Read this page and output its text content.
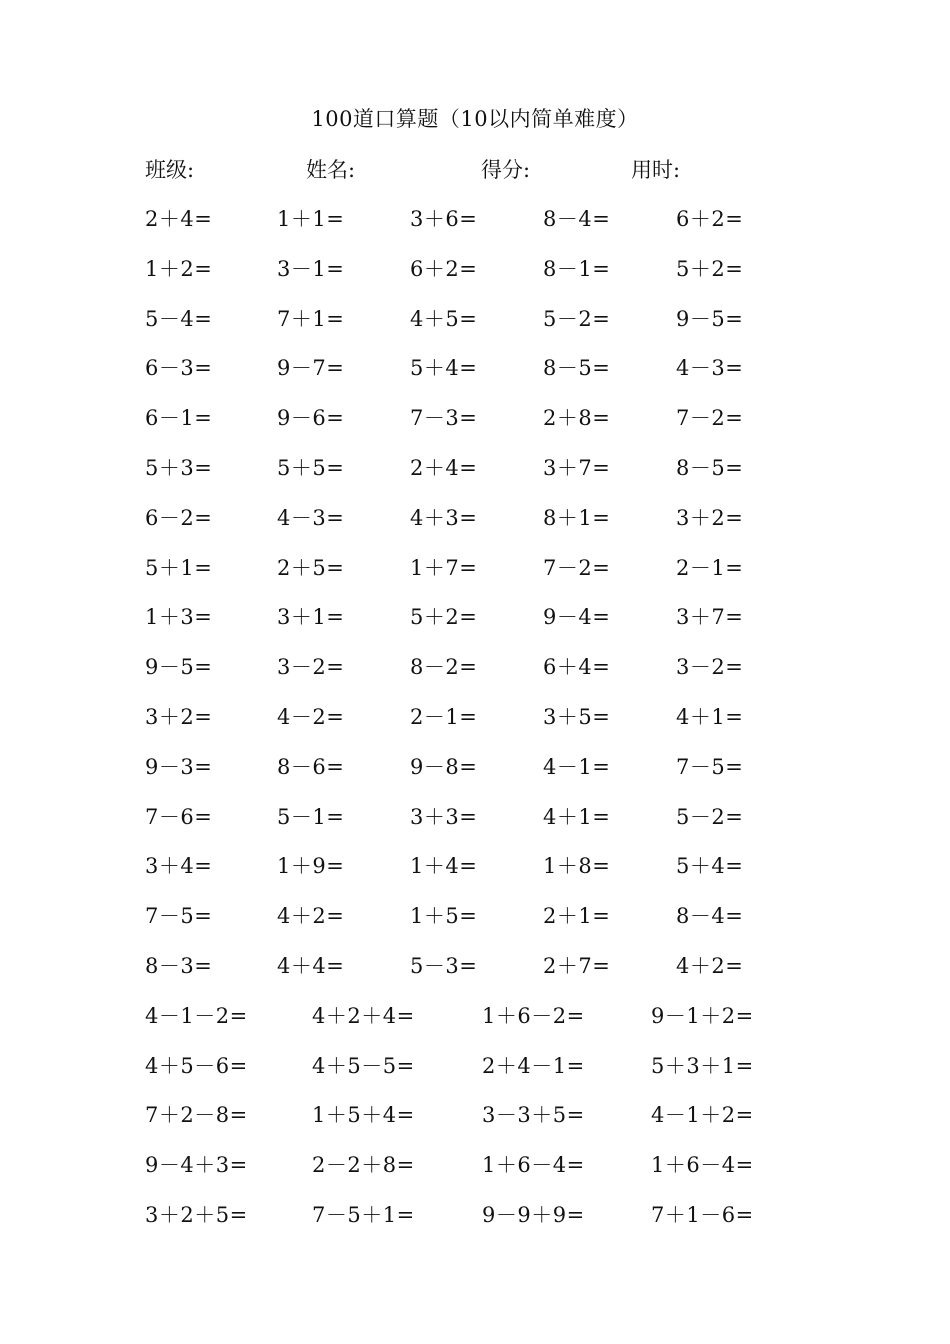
100道口算题（10以内简单难度）
班级:	姓名:	得分:	用时:
2＋4=	1＋1=	3＋6=	8－4=	6＋2=
1＋2=	3－1=	6＋2=	8－1=	5＋2=
5－4=	7＋1=	4＋5=	5－2=	9－5=
6－3=	9－7=	5＋4=	8－5=	4－3=
6－1=	9－6=	7－3=	2＋8=	7－2=
5＋3=	5＋5=	2＋4=	3＋7=	8－5=
6－2=	4－3=	4＋3=	8＋1=	3＋2=
5＋1=	2＋5=	1＋7=	7－2=	2－1=
1＋3=	3＋1=	5＋2=	9－4=	3＋7=
9－5=	3－2=	8－2=	6＋4=	3－2=
3＋2=	4－2=	2－1=	3＋5=	4＋1=
9－3=	8－6=	9－8=	4－1=	7－5=
7－6=	5－1=	3＋3=	4＋1=	5－2=
3＋4=	1＋9=	1＋4=	1＋8=	5＋4=
7－5=	4＋2=	1＋5=	2＋1=	8－4=
8－3=	4＋4=	5－3=	2＋7=	4＋2=
4－1－2=	4＋2＋4=	1＋6－2=	9－1＋2=
4＋5－6=	4＋5－5=	2＋4－1=	5＋3＋1=
7＋2－8=	1＋5＋4=	3－3＋5=	4－1＋2=
9－4＋3=	2－2＋8=	1＋6－4=	1＋6－4=
3＋2＋5=	7－5＋1=	9－9＋9=	7＋1－6=
